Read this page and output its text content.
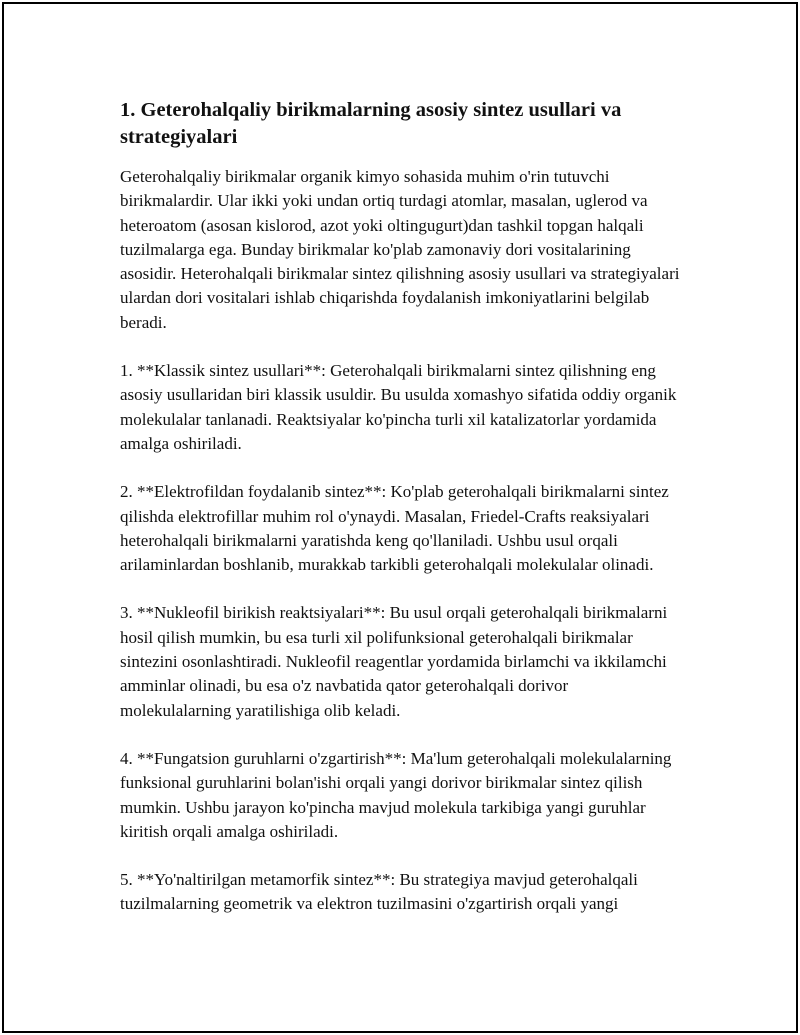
1. Geterohalqaliy birikmalarning asosiy sintez usullari va strategiyalari

Geterohalqaliy birikmalar organik kimyo sohasida muhim o'rin tutuvchi birikmalardir. Ular ikki yoki undan ortiq turdagi atomlar, masalan, uglerod va heteroatom (asosan kislorod, azot yoki oltingugurt)dan tashkil topgan halqali tuzilmalarga ega. Bunday birikmalar ko'plab zamonaviy dori vositalarining asosidir. Heterohalqali birikmalar sintez qilishning asosiy usullari va strategiyalari ulardan dori vositalari ishlab chiqarishda foydalanish imkoniyatlarini belgilab beradi.

1. **Klassik sintez usullari**: Geterohalqali birikmalarni sintez qilishning eng asosiy usullaridan biri klassik usuldir. Bu usulda xomashyo sifatida oddiy organik molekulalar tanlanadi. Reaktsiyalar ko'pincha turli xil katalizatorlar yordamida amalga oshiriladi.

2. **Elektrofildan foydalanib sintez**: Ko'plab geterohalqali birikmalarni sintez qilishda elektrofillar muhim rol o'ynaydi. Masalan, Friedel-Crafts reaksiyalari heterohalqali birikmalarni yaratishda keng qo'llaniladi. Ushbu usul orqali arilaminlardan boshlanib, murakkab tarkibli geterohalqali molekulalar olinadi.

3. **Nukleofil birikish reaktsiyalari**: Bu usul orqali geterohalqali birikmalarni hosil qilish mumkin, bu esa turli xil polifunksional geterohalqali birikmalar sintezini osonlashtiradi. Nukleofil reagentlar yordamida birlamchi va ikkilamchi amminlar olinadi, bu esa o'z navbatida qator geterohalqali dorivor molekulalarning yaratilishiga olib keladi.

4. **Fungatsion guruhlarni o'zgartirish**: Ma'lum geterohalqali molekulalarning funksional guruhlarini bolan'ishi orqali yangi dorivor birikmalar sintez qilish mumkin. Ushbu jarayon ko'pincha mavjud molekula tarkibiga yangi guruhlar kiritish orqali amalga oshiriladi.

5. **Yo'naltirilgan metamorfik sintez**: Bu strategiya mavjud geterohalqali tuzilmalarning geometrik va elektron tuzilmasini o'zgartirish orqali yangi
